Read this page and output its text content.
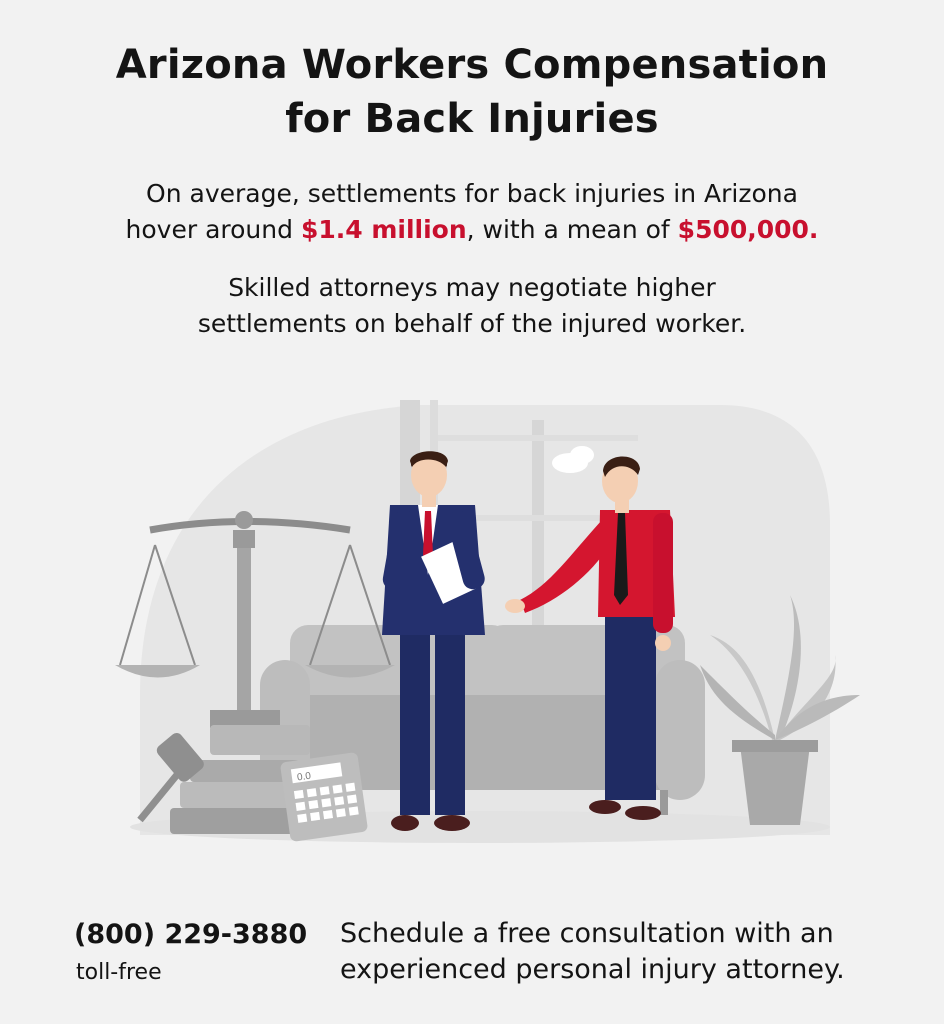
Arizona Workers Compensation
for Back Injuries
On average, settlements for back injuries in Arizona
hover around $1.4 million, with a mean of $500,000.
Skilled attorneys may negotiate higher
settlements on behalf of the injured worker.
0.0
(800) 229-3880
toll-free
Schedule a free consultation with an
experienced personal injury attorney.
